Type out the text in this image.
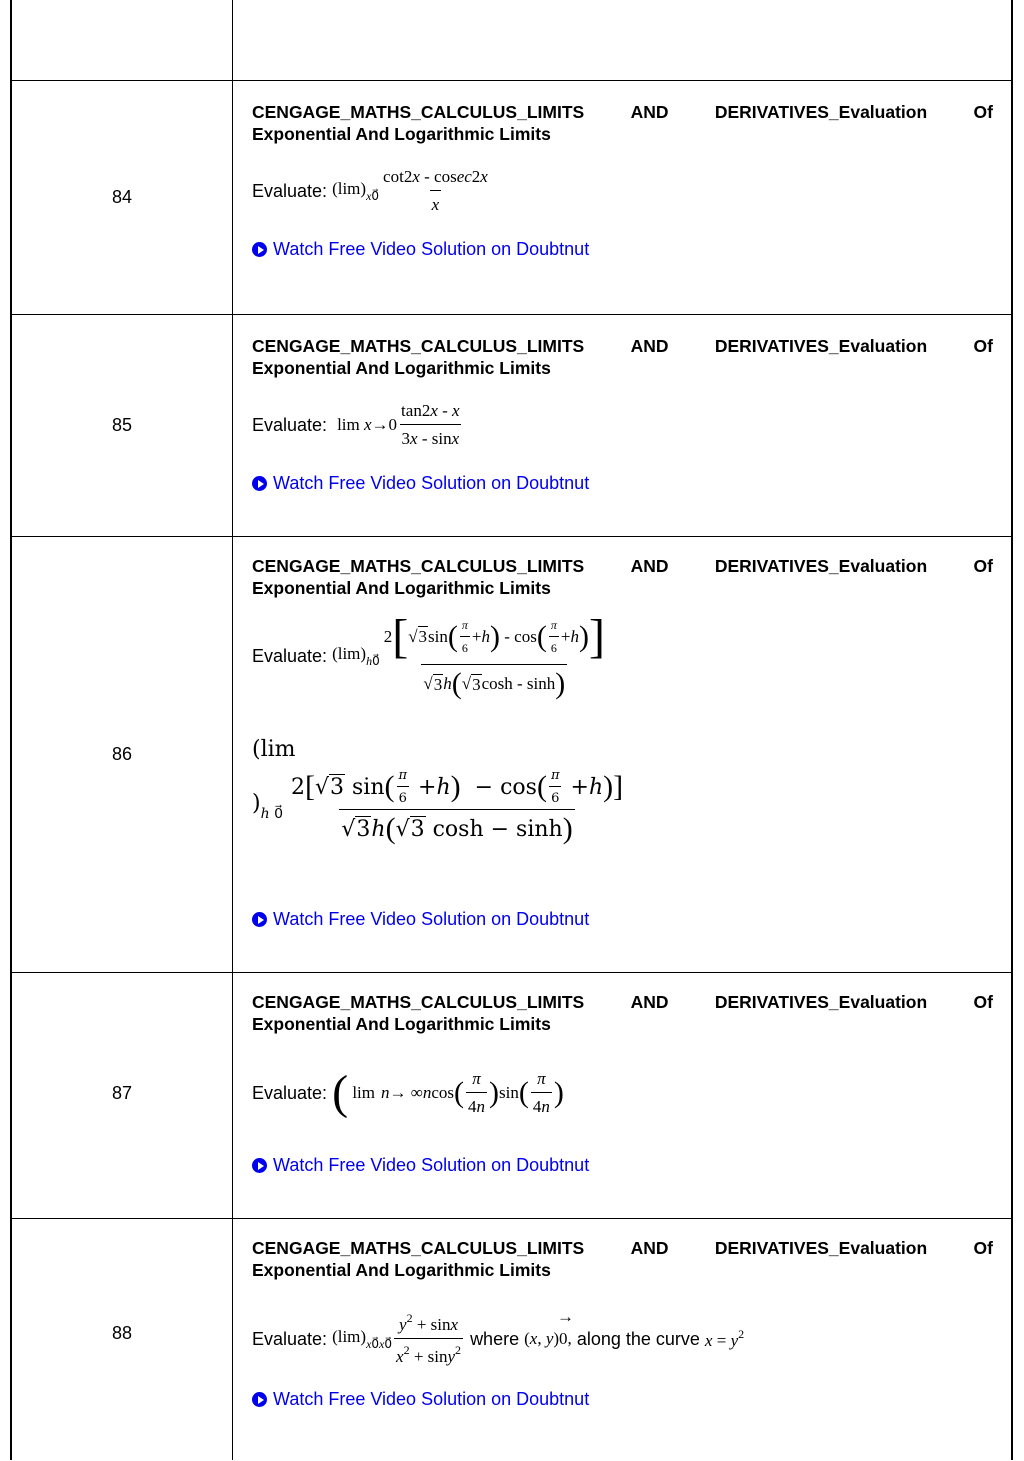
84
CENGAGE_MATHS_CALCULUS_LIMITS	AND	DERIVATIVES_Evaluation	Of
Exponential And Logarithmic Limits
Evaluate:
$(\lim)_{x0⃗} \frac{\cot 2x - cosec2x}{x}$
Watch Free Video Solution on Doubtnut
85
CENGAGE_MATHS_CALCULUS_LIMITS	AND	DERIVATIVES_Evaluation	Of
Exponential And Logarithmic Limits
Evaluate:
$\lim x\to 0 \frac{\tan 2x - x}{3x - \sin x}$
Watch Free Video Solution on Doubtnut
86
CENGAGE_MATHS_CALCULUS_LIMITS	AND	DERIVATIVES_Evaluation	Of
Exponential And Logarithmic Limits
Evaluate:
$(\lim)_{h0⃗} \frac{2 [ √3\sin ( \frac{\pi}{6} + h ) - \cos ( \frac{\pi}{6} + h ) ]}{√ 3 h ( √ 3 \cosh - \sinh )}$
(lim
)$_{h 0⃗} \frac{2 [ √ 3 \sin ( \frac{\pi}{6} + h ) - \cos ( \frac{\pi}{6} + h ) ]}{√ 3 h ( √ 3 \cosh - \sinh )}$
Watch Free Video Solution on Doubtnut
87
CENGAGE_MATHS_CALCULUS_LIMITS	AND	DERIVATIVES_Evaluation	Of
Exponential And Logarithmic Limits
Evaluate:
( lim n → ∞ n cos ( $\frac{\pi}{4n}$ ) sin ( $\frac{\pi}{4n}$ )
Watch Free Video Solution on Doubtnut
88
CENGAGE_MATHS_CALCULUS_LIMITS	AND	DERIVATIVES_Evaluation	Of
Exponential And Logarithmic Limits
Evaluate:
$(\lim)_{x0⃗x0⃗} \frac{y^2 + \sin x}{x^2 + \sin y^2}$
where
(x, y)0
→
,
along the curve
$x = y^2$
Watch Free Video Solution on Doubtnut
